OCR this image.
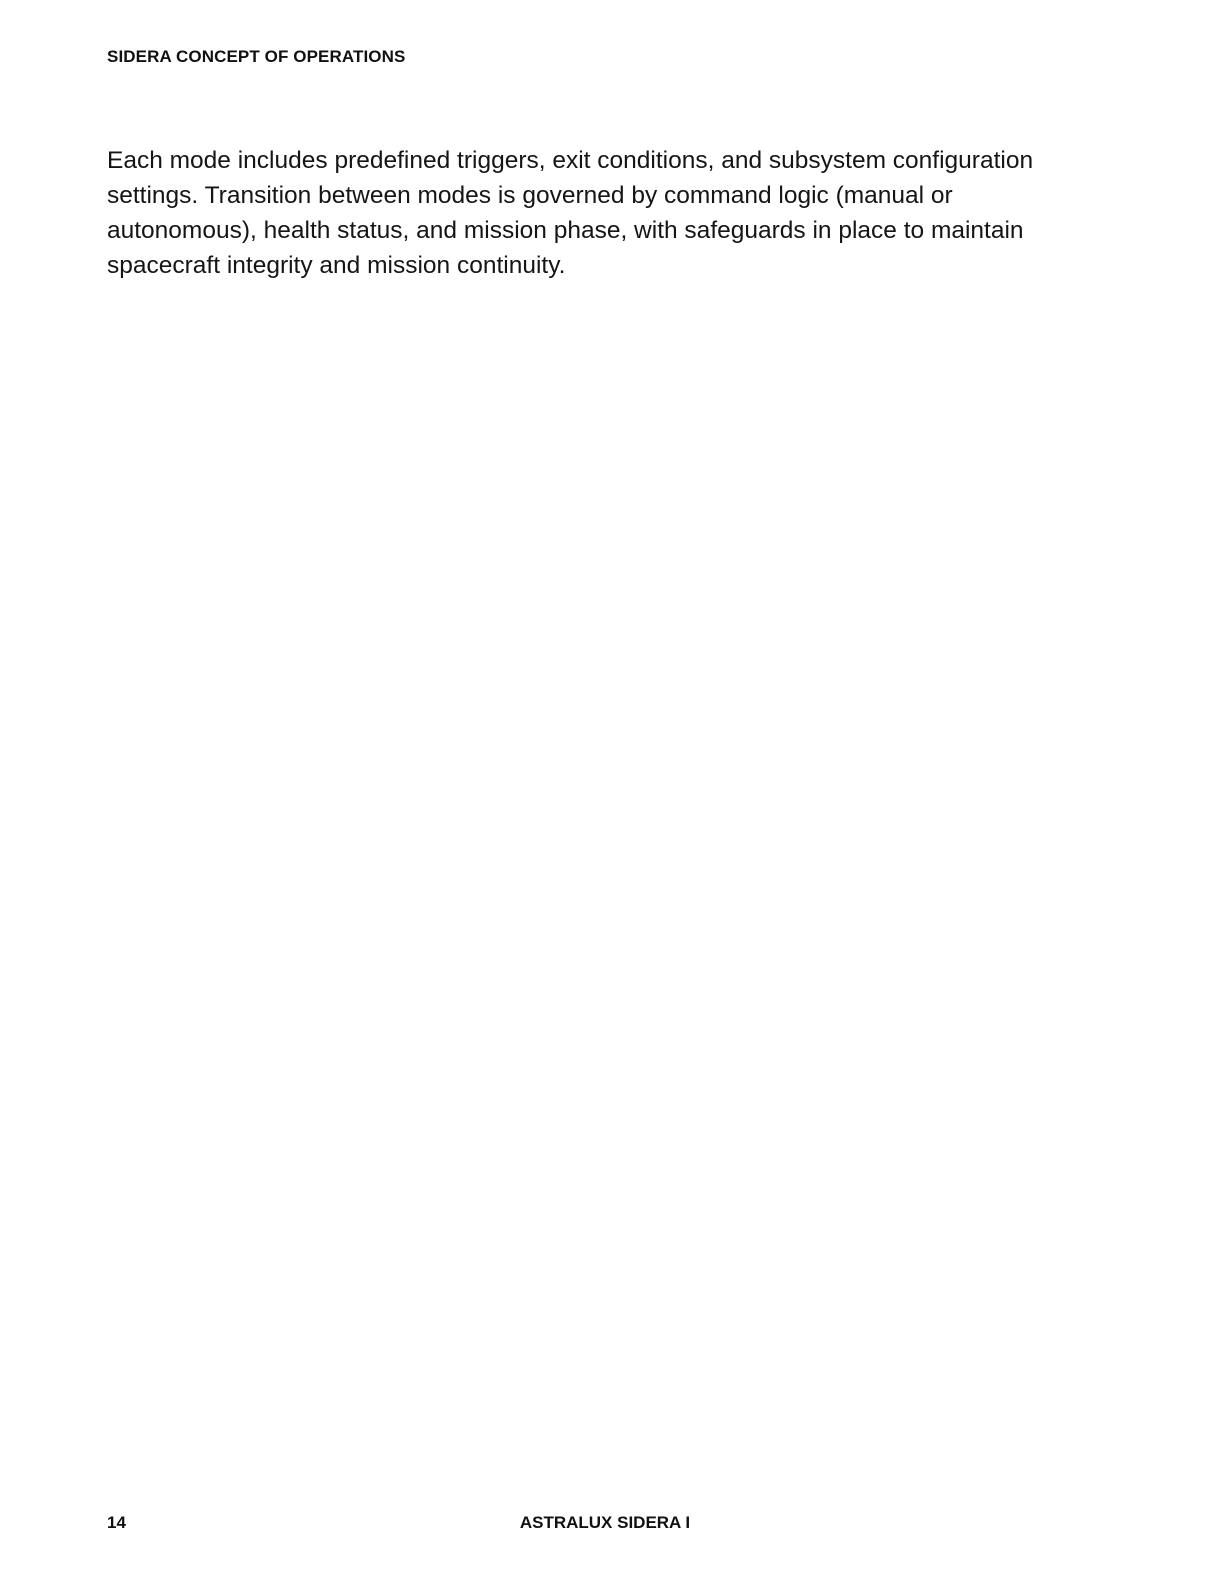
SIDERA CONCEPT OF OPERATIONS

Each mode includes predefined triggers, exit conditions, and subsystem configuration settings. Transition between modes is governed by command logic (manual or autonomous), health status, and mission phase, with safeguards in place to maintain spacecraft integrity and mission continuity.

14	ASTRALUX SIDERA I
